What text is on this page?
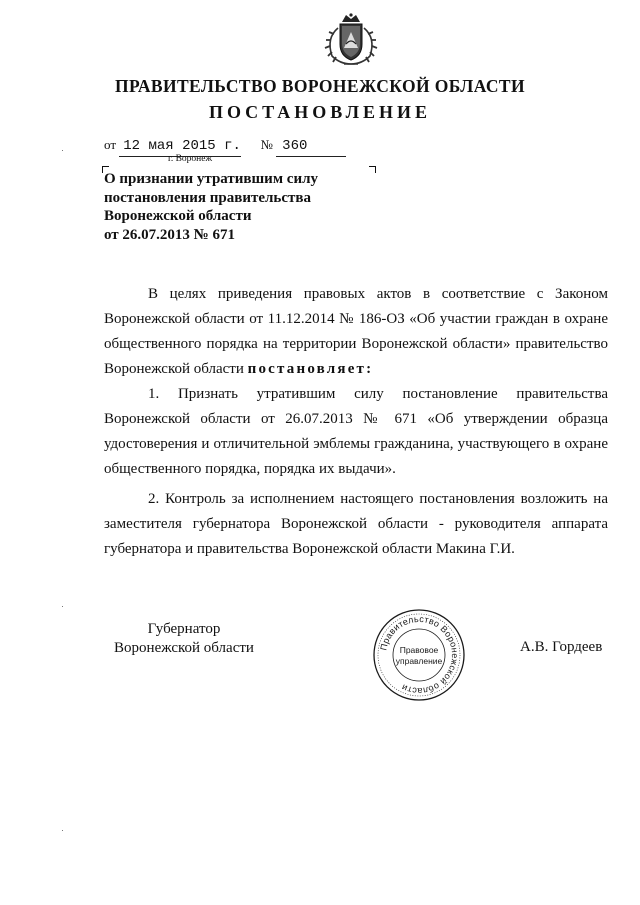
ПРАВИТЕЛЬСТВО ВОРОНЕЖСКОЙ ОБЛАСТИ
ПОСТАНОВЛЕНИЕ
от 12 мая 2015 г. № 360
г. Воронеж
О признании утратившим силу
постановления правительства
Воронежской области
от 26.07.2013 № 671

В целях приведения правовых актов в соответствие с Законом Воронежской области от 11.12.2014 № 186-ОЗ «Об участии граждан в охране общественного порядка на территории Воронежской области» правительство Воронежской области постановляет:

1. Признать утратившим силу постановление правительства Воронежской области от 26.07.2013 № 671 «Об утверждении образца удостоверения и отличительной эмблемы гражданина, участвующего в охране общественного порядка, порядка их выдачи».

2. Контроль за исполнением настоящего постановления возложить на заместителя губернатора Воронежской области - руководителя аппарата губернатора и правительства Воронежской области Макина Г.И.

Губернатор
Воронежской области	Правительство Воронежской области
Правовое
управление
А.В. Гордеев
